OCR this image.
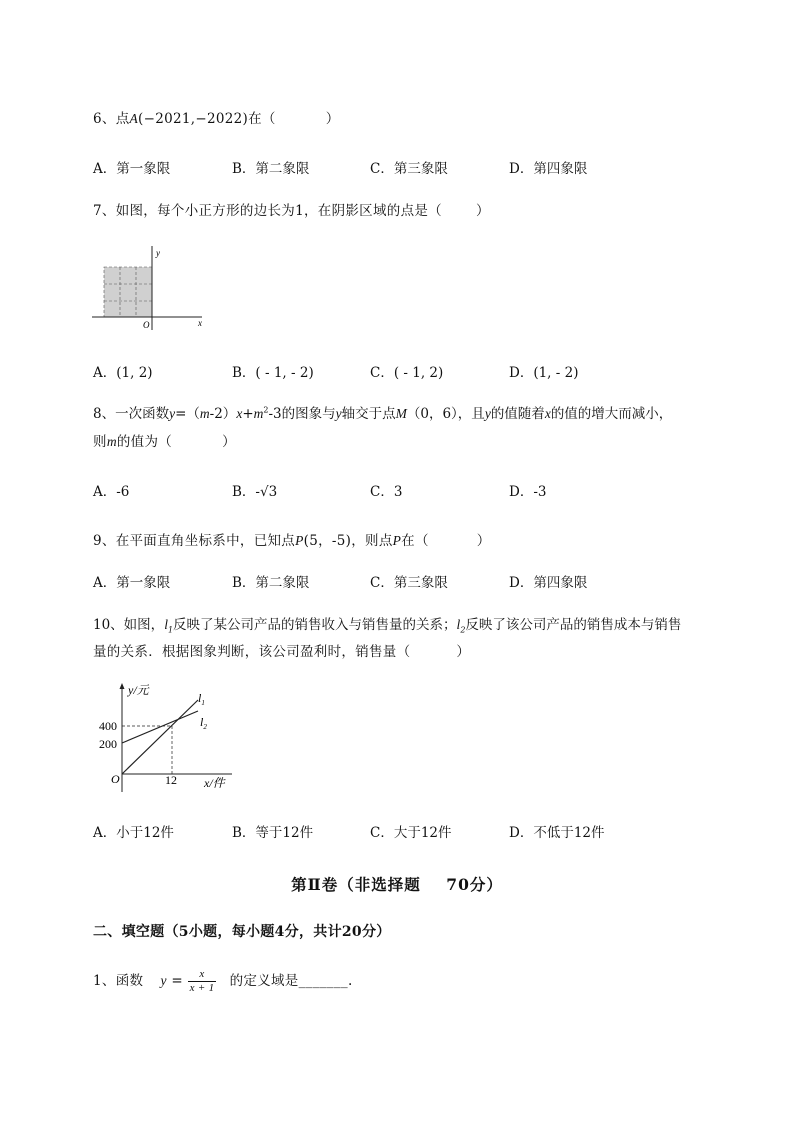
6、点A(−2021,−2022)在（	）
A．第一象限	B．第二象限	C．第三象限	D．第四象限
7、如图，每个小正方形的边长为1，在阴影区域的点是（	）
y
x
O
A．(1, 2)	B．( - 1, - 2)	C．( - 1, 2)	D．(1, - 2)
8、一次函数$y=(m-2)x+m^2-3$的图象与y轴交于点M（0，6），且y的值随着x的值的增大而减小，
则m的值为（	）
A．-6	B．-√3	C．3	D．-3
9、在平面直角坐标系中，已知点P(5，-5)，则点P在（	）
A．第一象限	B．第二象限	C．第三象限	D．第四象限
10、如图，$l_1$反映了某公司产品的销售收入与销售量的关系；$l_2$反映了该公司产品的销售成本与销售
量的关系．根据图象判断，该公司盈利时，销售量（	）
y/元
x/件
O
400
200
12
$l_1$
$l_2$
A．小于12件	B．等于12件	C．大于12件	D．不低于12件
第Ⅱ卷（非选择题    70分）
二、填空题（5小题，每小题4分，共计20分）
1、函数 $y = \frac{x}{x + 1}$ 的定义域是_______.
